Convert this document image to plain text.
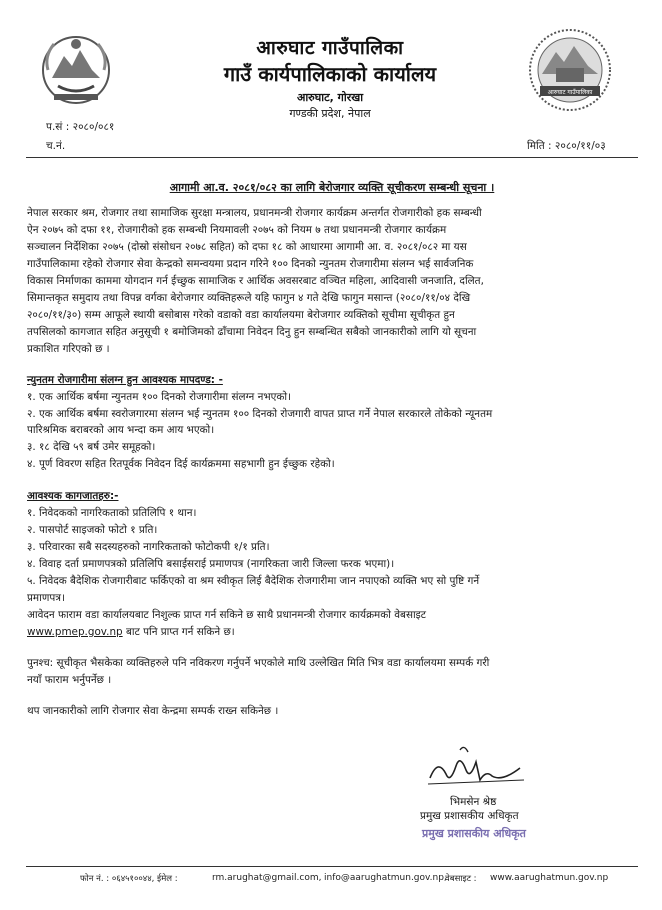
आरुघाट गाउँपालिका
गाउँ कार्यपालिकाको कार्यालय
आरुघाट, गोरखा
गण्डकी प्रदेश, नेपाल
आरुघाट गाउँपालिका
प.सं : २०८०/०८१
च.नं.	मिति : २०८०/११/०३
आगामी आ.व. २०८१/०८२ का लागि बेरोजगार व्यक्ति सूचीकरण सम्बन्धी सूचना ।
नेपाल सरकार श्रम, रोजगार तथा सामाजिक सुरक्षा मन्त्रालय, प्रधानमन्त्री रोजगार कार्यक्रम अन्तर्गत रोजगारीको हक सम्बन्धी
ऐन २०७५ को दफा ११, रोजगारीको हक सम्बन्धी नियमावली २०७५ को नियम ७ तथा प्रधानमन्त्री रोजगार कार्यक्रम
सञ्चालन निर्देशिका २०७५ (दोस्रो संसोधन २०७८ सहित) को दफा १८ को आधारमा आगामी आ. व. २०८१/०८२ मा यस
गाउँपालिकामा रहेको रोजगार सेवा केन्द्रको समन्वयमा प्रदान गरिने १०० दिनको न्युनतम रोजगारीमा संलग्न भई सार्वजनिक
विकास निर्माणका काममा योगदान गर्न ईच्छुक सामाजिक र आर्थिक अवसरबाट वञ्चित महिला, आदिवासी जनजाति, दलित,
सिमान्तकृत समुदाय तथा विपन्न वर्गका बेरोजगार व्यक्तिहरूले यहि फागुन ४ गते देखि फागुन मसान्त (२०८०/११/०४ देखि
२०८०/११/३०) सम्म आफूले स्थायी बसोबास गरेको वडाको वडा कार्यालयमा बेरोजगार व्यक्तिको सूचीमा सूचीकृत हुन
तपसिलको कागजात सहित अनुसूची १ बमोजिमको ढाँचामा निवेदन दिनु हुन सम्बन्धित सबैको जानकारीको लागि यो सूचना
प्रकाशित गरिएको छ ।
न्युनतम रोजगारीमा संलग्न हुन आवश्यक मापदण्ड: -
१. एक आर्थिक बर्षमा न्युनतम १०० दिनको रोजगारीमा संलग्न नभएको।
२. एक आर्थिक बर्षमा स्वरोजगारमा संलग्न भई न्युनतम १०० दिनको रोजगारी वापत प्राप्त गर्ने नेपाल सरकारले तोकेको न्यूनतम
पारिश्रमिक बराबरको आय भन्दा कम आय भएको।
३. १८ देखि ५९ बर्ष उमेर समूहको।
४. पूर्ण विवरण सहित रितपूर्वक निवेदन दिई कार्यक्रममा सहभागी हुन ईच्छुक रहेको।
आवश्यक कागजातहरु:-
१. निवेदकको नागरिकताको प्रतिलिपि १ थान।
२. पासपोर्ट साइजको फोटो १ प्रति।
३. परिवारका सबै सदस्यहरुको नागरिकताको फोटोकपी १/१ प्रति।
४. विवाह दर्ता प्रमाणपत्रको प्रतिलिपि बसाईसराई प्रमाणपत्र (नागरिकता जारी जिल्ला फरक भएमा)।
५. निवेदक बैदेशिक रोजगारीबाट फर्किएको वा श्रम स्वीकृत लिई बैदेशिक रोजगारीमा जान नपाएको व्यक्ति भए सो पुष्टि गर्ने
प्रमाणपत्र।
आवेदन फाराम वडा कार्यालयबाट निशुल्क प्राप्त गर्न सकिने छ साथै प्रधानमन्त्री रोजगार कार्यक्रमको वेबसाइट
www.pmep.gov.np बाट पनि प्राप्त गर्न सकिने छ।
पुनश्च: सूचीकृत भैसकेका व्यक्तिहरुले पनि नविकरण गर्नुपर्ने भएकोले माथि उल्लेखित मिति भित्र वडा कार्यालयमा सम्पर्क गरी
नयाँ फाराम भर्नुपर्नेछ ।
थप जानकारीको लागि रोजगार सेवा केन्द्रमा सम्पर्क राख्न सकिनेछ ।
भिमसेन श्रेष्ठ
प्रमुख प्रशासकीय अधिकृत
प्रमुख प्रशासकीय अधिकृत
फोन नं. : ०६४५१००४४, ईमेल :	rm.arughat@gmail.com, info@aarughatmun.gov.np,
वेबसाइट : www.aarughatmun.gov.np
